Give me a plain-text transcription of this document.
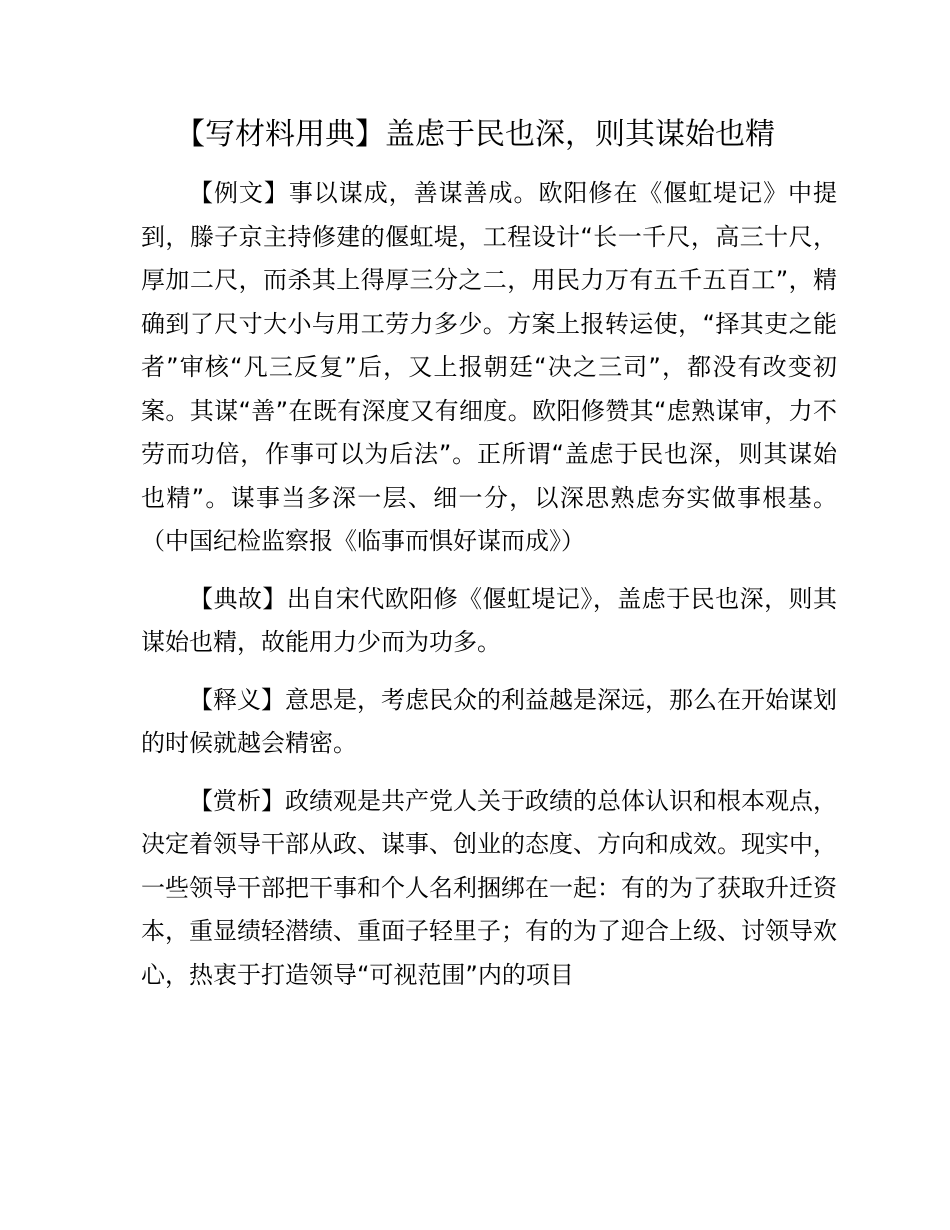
【写材料用典】盖虑于民也深，则其谋始也精

【例文】事以谋成，善谋善成。欧阳修在《偃虹堤记》中提到，滕子京主持修建的偃虹堤，工程设计“长一千尺，高三十尺，厚加二尺，而杀其上得厚三分之二，用民力万有五千五百工”，精确到了尺寸大小与用工劳力多少。方案上报转运使，“择其吏之能者”审核“凡三反复”后，又上报朝廷“决之三司”，都没有改变初案。其谋“善”在既有深度又有细度。欧阳修赞其“虑熟谋审，力不劳而功倍，作事可以为后法”。正所谓“盖虑于民也深，则其谋始也精”。谋事当多深一层、细一分，以深思熟虑夯实做事根基。（中国纪检监察报《临事而惧好谋而成》）

【典故】出自宋代欧阳修《偃虹堤记》，盖虑于民也深，则其谋始也精，故能用力少而为功多。

【释义】意思是，考虑民众的利益越是深远，那么在开始谋划的时候就越会精密。

【赏析】政绩观是共产党人关于政绩的总体认识和根本观点，决定着领导干部从政、谋事、创业的态度、方向和成效。现实中，一些领导干部把干事和个人名利捆绑在一起：有的为了获取升迁资本，重显绩轻潜绩、重面子轻里子；有的为了迎合上级、讨领导欢心，热衷于打造领导“可视范围”内的项目
